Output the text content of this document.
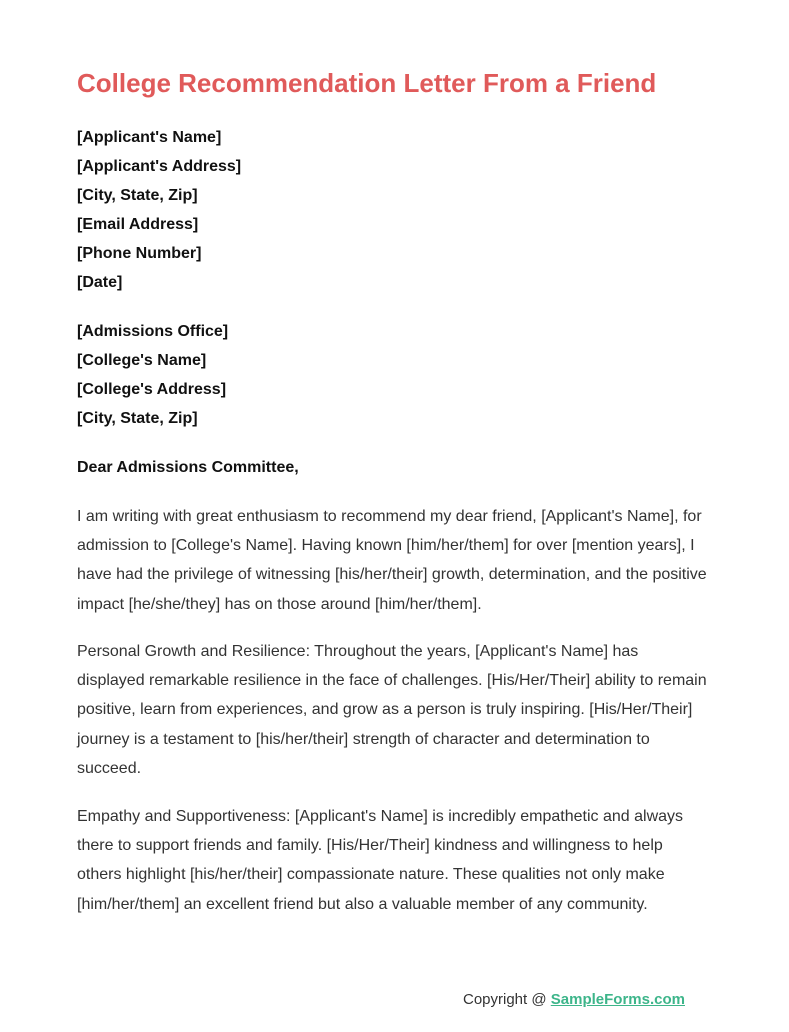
College Recommendation Letter From a Friend
[Applicant's Name]
[Applicant's Address]
[City, State, Zip]
[Email Address]
[Phone Number]
[Date]
[Admissions Office]
[College's Name]
[College's Address]
[City, State, Zip]

Dear Admissions Committee,

I am writing with great enthusiasm to recommend my dear friend, [Applicant's Name], for admission to [College's Name]. Having known [him/her/them] for over [mention years], I have had the privilege of witnessing [his/her/their] growth, determination, and the positive impact [he/she/they] has on those around [him/her/them].

Personal Growth and Resilience: Throughout the years, [Applicant's Name] has displayed remarkable resilience in the face of challenges. [His/Her/Their] ability to remain positive, learn from experiences, and grow as a person is truly inspiring. [His/Her/Their] journey is a testament to [his/her/their] strength of character and determination to succeed.

Empathy and Supportiveness: [Applicant's Name] is incredibly empathetic and always there to support friends and family. [His/Her/Their] kindness and willingness to help others highlight [his/her/their] compassionate nature. These qualities not only make [him/her/them] an excellent friend but also a valuable member of any community.

Copyright @ SampleForms.com
